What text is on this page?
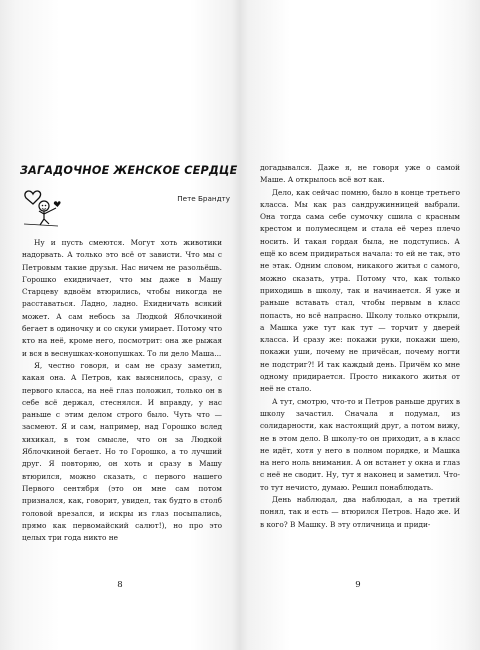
ЗАГАДОЧНОЕ ЖЕНСКОЕ СЕРДЦЕ

Пете Брандту

Ну и пусть смеются. Могут хоть животики надорвать. А только это всё от зависти. Что мы с Петровым такие друзья. Нас ничем не разольёшь. Горошко ехидничает, что мы даже в Машу Старцеву вдвоём втюрились, чтобы никогда не расставаться. Ладно, ладно. Ехидничать всякий может. А сам небось за Людкой Яблочкиной бегает в одиночку и со скуки умирает. Потому что кто на неё, кроме него, посмотрит: она же рыжая и вся в веснушках-конопушках. То ли дело Маша...

Я, честно говоря, и сам не сразу заметил, какая она. А Петров, как выяснилось, сразу, с первого класса, на неё глаз положил, только он в себе всё держал, стеснялся. И вправду, у нас раньше с этим делом строго было. Чуть что — засмеют. Я и сам, например, над Горошко вслед хихикал, в том смысле, что он за Людкой Яблочкиной бегает. Но то Горошко, а то лучший друг. Я повторяю, он хоть и сразу в Машу втюрился, можно сказать, с первого нашего Первого сентября (это он мне сам потом признался, как, говорит, увидел, так будто в столб головой врезался, и искры из глаз посыпались, прямо как первомайский салют!), но про это целых три года никто не

8

догадывался. Даже я, не говоря уже о самой Маше. А открылось всё вот как.

Дело, как сейчас помню, было в конце третьего класса. Мы как раз сандружинницей выбрали. Она тогда сама себе сумочку сшила с красным крестом и полумесяцем и стала её через плечо носить. И такая гордая была, не подступись. А ещё ко всем придираться начала: то ей не так, это не этак. Одним словом, никакого житья с самого, можно сказать, утра. Потому что, как только приходишь в школу, так и начинается. Я уже и раньше вставать стал, чтобы первым в класс попасть, но всё напрасно. Школу только открыли, а Машка уже тут как тут — торчит у дверей класса. И сразу же: покажи руки, покажи шею, покажи уши, почему не причёсан, почему ногти не подстриг?! И так каждый день. Причём ко мне одному придирается. Просто никакого житья от неё не стало.

А тут, смотрю, что-то и Петров раньше других в школу зачастил. Сначала я подумал, из солидарности, как настоящий друг, а потом вижу, не в этом дело. В школу-то он приходит, а в класс не идёт, хотя у него в полном порядке, и Машка на него ноль внимания. А он встанет у окна и глаз с неё не сводит. Ну, тут я наконец и заметил. Что-то тут нечисто, думаю. Решил понаблюдать.

День наблюдал, два наблюдал, а на третий понял, так и есть — втюрился Петров. Надо же. И в кого? В Машку. В эту отличница и приди-

9
